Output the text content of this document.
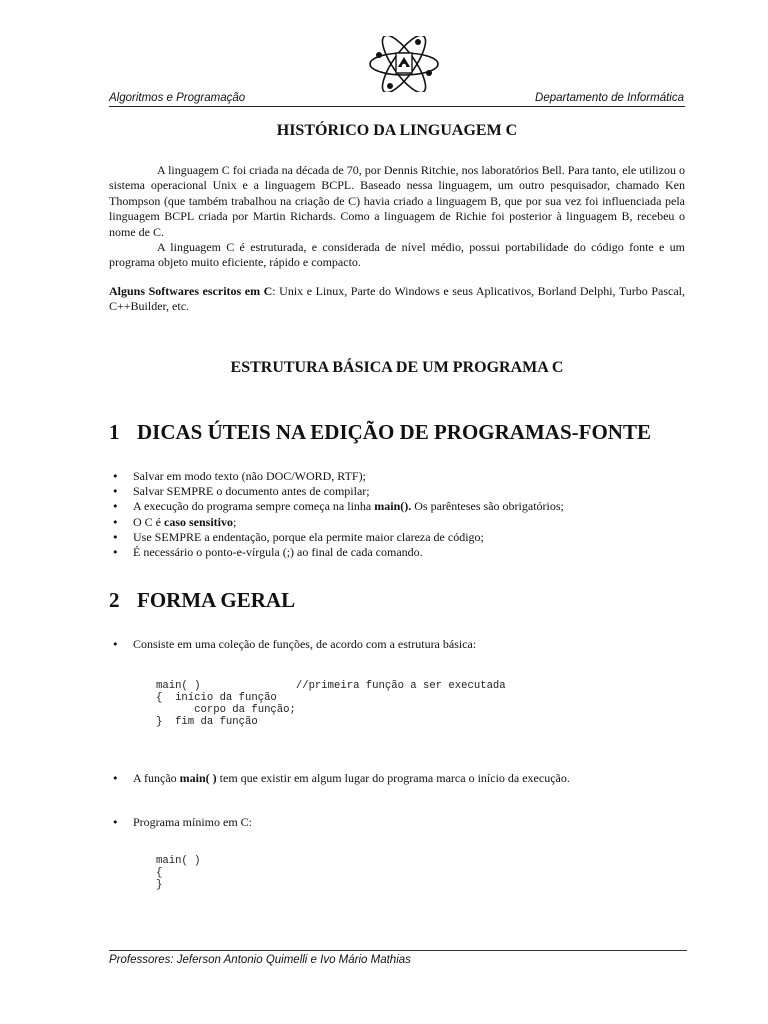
Algoritmos e Programação	Departamento de Informática
HISTÓRICO DA LINGUAGEM C

A linguagem C foi criada na década de 70, por Dennis Ritchie, nos laboratórios Bell. Para tanto, ele utilizou o sistema operacional Unix e a linguagem BCPL. Baseado nessa linguagem, um outro pesquisador, chamado Ken Thompson (que também trabalhou na criação de C) havia criado a linguagem B, que por sua vez foi influenciada pela linguagem BCPL criada por Martin Richards. Como a linguagem de Richie foi posterior à linguagem B, recebeu o nome de C.

A linguagem C é estruturada, e considerada de nível médio, possui portabilidade do código fonte e um programa objeto muito eficiente, rápido e compacto.

Alguns Softwares escritos em C: Unix e Linux, Parte do Windows e seus Aplicativos, Borland Delphi, Turbo Pascal, C++Builder, etc.

ESTRUTURA BÁSICA DE UM PROGRAMA C
1 DICAS ÚTEIS NA EDIÇÃO DE PROGRAMAS-FONTE
• Salvar em modo texto (não DOC/WORD, RTF);
• Salvar SEMPRE o documento antes de compilar;
• A execução do programa sempre começa na linha main(). Os parênteses são obrigatórios;
• O C é caso sensitivo;
• Use SEMPRE a endentação, porque ela permite maior clareza de código;
• É necessário o ponto-e-vírgula (;) ao final de cada comando.
2 FORMA GERAL
• Consiste em uma coleção de funções, de acordo com a estrutura básica:
main( )               //primeira função a ser executada
{  início da função
corpo da função;
}  fim da função
• A função main( ) tem que existir em algum lugar do programa marca o início da execução.
• Programa mínimo em C:
main( )
{
}
Professores: Jeferson Antonio Quimelli e Ivo Mário Mathias
